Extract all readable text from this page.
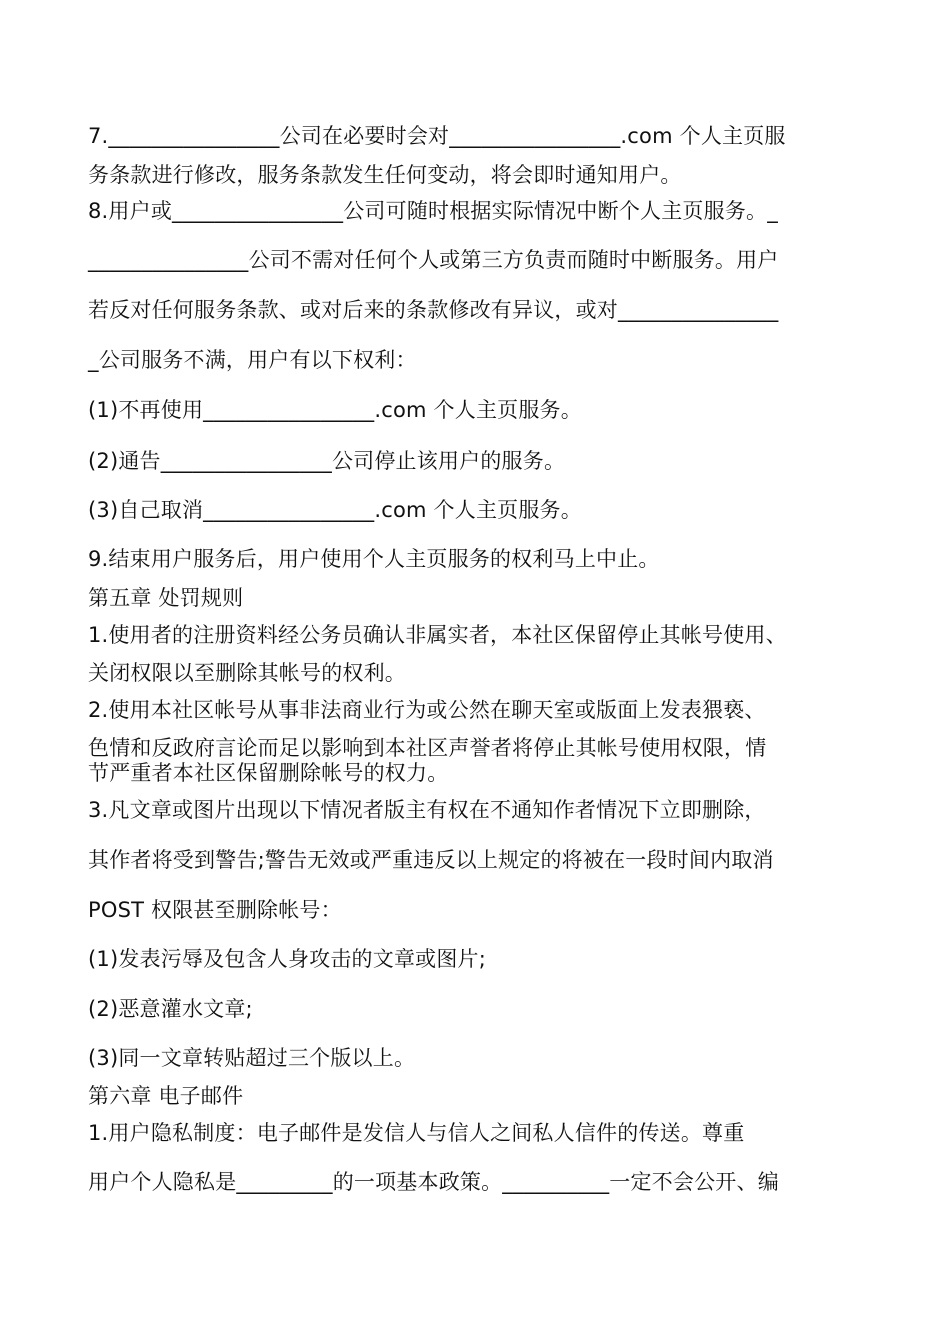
7.________________公司在必要时会对________________.com 个人主页服
务条款进行修改，服务条款发生任何变动，将会即时通知用户。
8.用户或________________公司可随时根据实际情况中断个人主页服务。_
_______________公司不需对任何个人或第三方负责而随时中断服务。用户
若反对任何服务条款、或对后来的条款修改有异议，或对_______________
_公司服务不满，用户有以下权利：
(1)不再使用________________.com 个人主页服务。
(2)通告________________公司停止该用户的服务。
(3)自己取消________________.com 个人主页服务。
9.结束用户服务后，用户使用个人主页服务的权利马上中止。
第五章 处罚规则
1.使用者的注册资料经公务员确认非属实者，本社区保留停止其帐号使用、
关闭权限以至删除其帐号的权利。
2.使用本社区帐号从事非法商业行为或公然在聊天室或版面上发表猥亵、
色情和反政府言论而足以影响到本社区声誉者将停止其帐号使用权限，情
节严重者本社区保留删除帐号的权力。
3.凡文章或图片出现以下情况者版主有权在不通知作者情况下立即删除，
其作者将受到警告;警告无效或严重违反以上规定的将被在一段时间内取消
POST 权限甚至删除帐号：
(1)发表污辱及包含人身攻击的文章或图片;
(2)恶意灌水文章;
(3)同一文章转贴超过三个版以上。
第六章 电子邮件
1.用户隐私制度：电子邮件是发信人与信人之间私人信件的传送。尊重
用户个人隐私是_________的一项基本政策。__________一定不会公开、编
